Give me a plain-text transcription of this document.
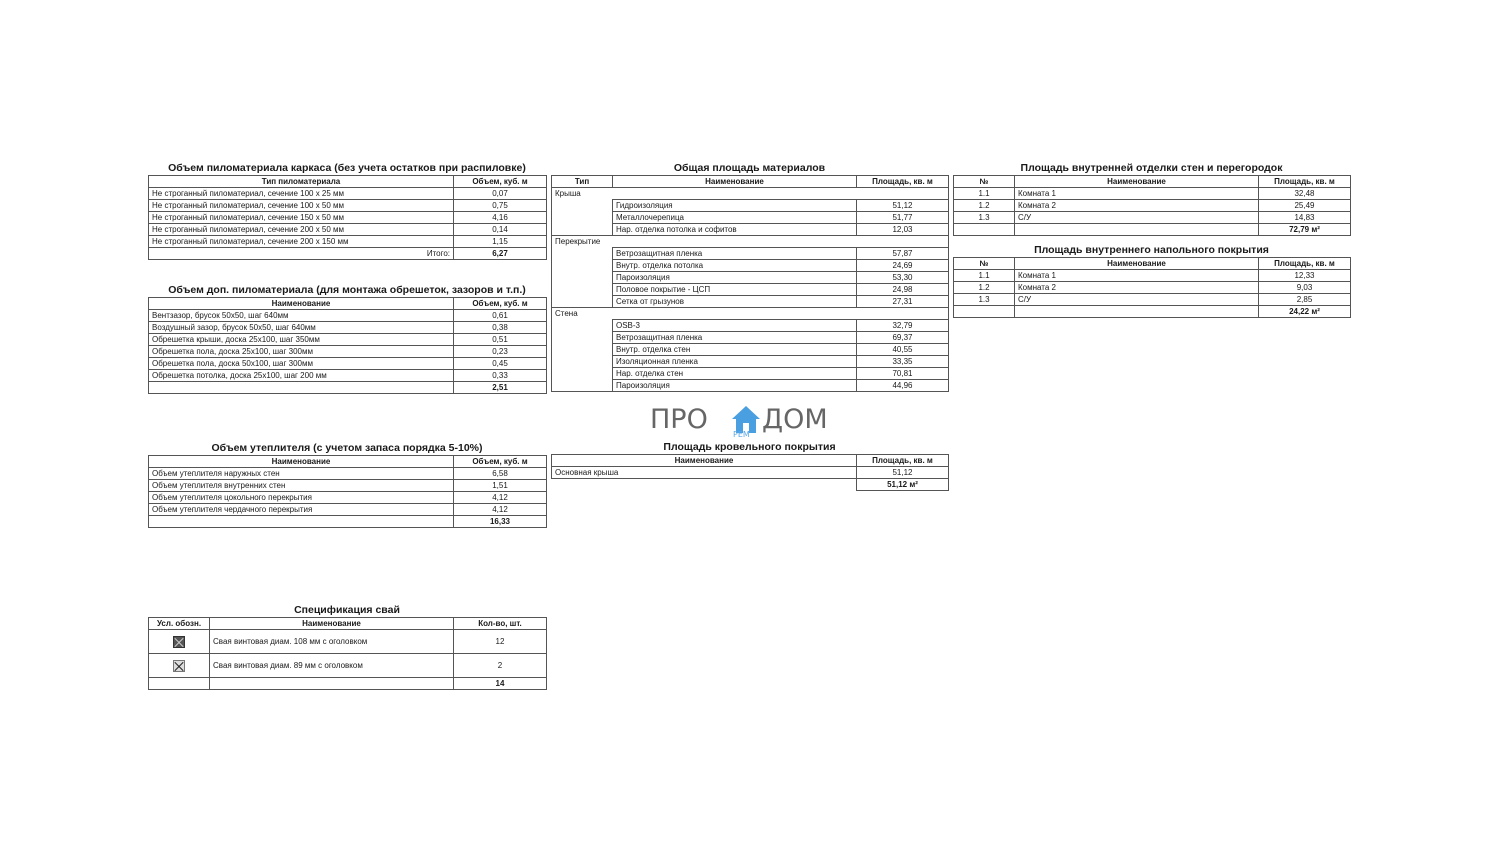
Объем пиломатериала каркаса (без учета остатков при распиловке)
Тип пиломатериала	Объем, куб. м
Не строганный пиломатериал, сечение 100 х 25 мм	0,07
Не строганный пиломатериал, сечение 100 х 50 мм	0,75
Не строганный пиломатериал, сечение 150 х 50 мм	4,16
Не строганный пиломатериал, сечение 200 х 50 мм	0,14
Не строганный пиломатериал, сечение 200 х 150 мм	1,15
Итого:	6,27
Объем доп. пиломатериала (для монтажа обрешеток, зазоров и т.п.)
Наименование	Объем, куб. м
Вентзазор, брусок 50х50, шаг 640мм	0,61
Воздушный зазор, брусок 50х50, шаг 640мм	0,38
Обрешетка крыши, доска 25х100, шаг 350мм	0,51
Обрешетка пола, доска 25х100, шаг 300мм	0,23
Обрешетка пола, доска 50х100, шаг 300мм	0,45
Обрешетка потолка, доска 25х100, шаг 200 мм	0,33
	2,51
Объем утеплителя (с учетом запаса порядка 5-10%)
Наименование	Объем, куб. м
Объем утеплителя наружных стен	6,58
Объем утеплителя внутренних стен	1,51
Объем утеплителя цокольного перекрытия	4,12
Объем утеплителя чердачного перекрытия	4,12
	16,33
Спецификация свай
Усл. обозн.	Наименование	Кол-во, шт.
	Свая винтовая диам. 108 мм с оголовком	12
	Свая винтовая диам. 89 мм с оголовком	2
		14
Общая площадь материалов
Тип	Наименование	Площадь, кв. м
Крыша		
	Гидроизоляция	51,12
	Металлочерепица	51,77
	Нар. отделка потолка и софитов	12,03
Перекрытие		
	Ветрозащитная пленка	57,87
	Внутр. отделка потолка	24,69
	Пароизоляция	53,30
	Половое покрытие - ЦСП	24,98
	Сетка от грызунов	27,31
Стена		
	OSB-3	32,79
	Ветрозащитная пленка	69,37
	Внутр. отделка стен	40,55
	Изоляционная пленка	33,35
	Нар. отделка стен	70,81
	Пароизоляция	44,96
ПРО	РЕМ ДОМ
Площадь кровельного покрытия
Наименование	Площадь, кв. м
Основная крыша	51,12
	51,12 м²
Площадь внутренней отделки стен и перегородок
№	Наименование	Площадь, кв. м
1.1	Комната 1	32,48
1.2	Комната 2	25,49
1.3	С/У	14,83
		72,79 м²
Площадь внутреннего напольного покрытия
№	Наименование	Площадь, кв. м
1.1	Комната 1	12,33
1.2	Комната 2	9,03
1.3	С/У	2,85
		24,22 м²
